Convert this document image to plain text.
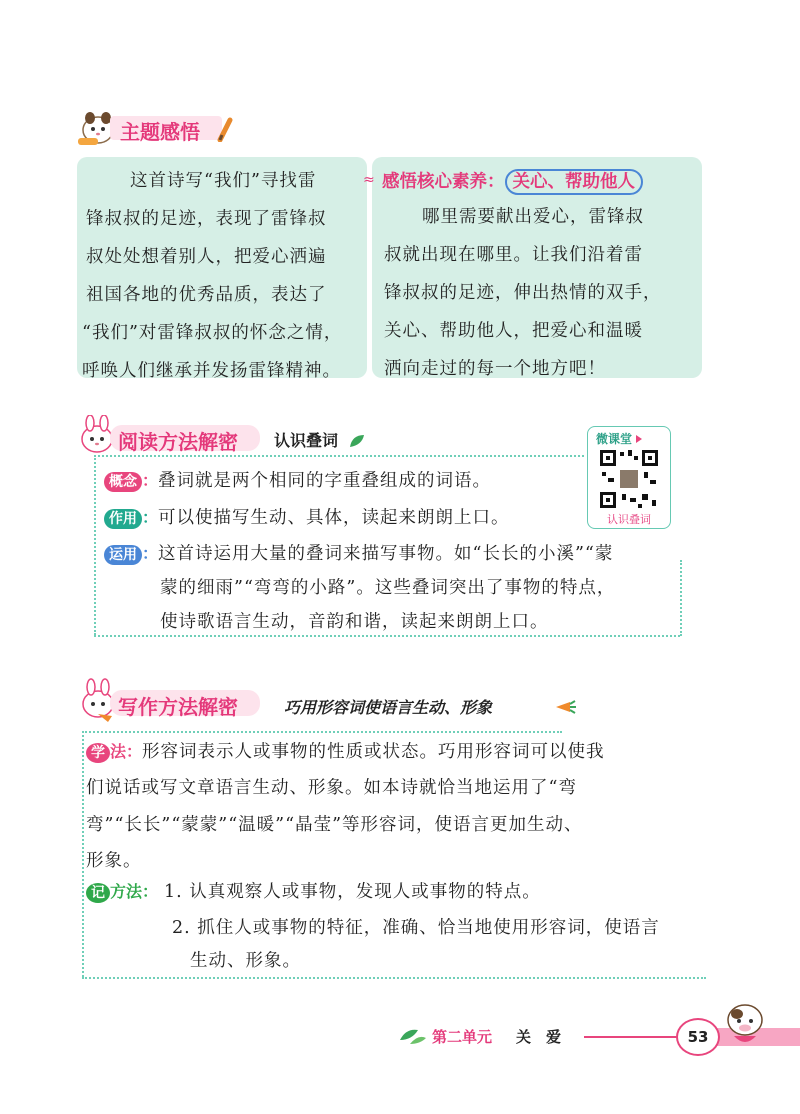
主题感悟
≈
这首诗写“我们”寻找雷
锋叔叔的足迹，表现了雷锋叔
叔处处想着别人，把爱心洒遍
祖国各地的优秀品质，表达了
“我们”对雷锋叔叔的怀念之情，
呼唤人们继承并发扬雷锋精神。
感悟核心素养： 关心、帮助他人
哪里需要献出爱心，雷锋叔
叔就出现在哪里。让我们沿着雷
锋叔叔的足迹，伸出热情的双手，
关心、帮助他人，把爱心和温暖
洒向走过的每一个地方吧！
阅读方法解密 认识叠词	微课堂
认识叠词
概念 ：叠词就是两个相同的字重叠组成的词语。
作用 ：可以使描写生动、具体，读起来朗朗上口。
运用 ：这首诗运用大量的叠词来描写事物。如“长长的小溪”“蒙
蒙的细雨”“弯弯的小路”。这些叠词突出了事物的特点，
使诗歌语言生动，音韵和谐，读起来朗朗上口。
写作方法解密	巧用形容词使语言生动、形象
学 法：形容词表示人或事物的性质或状态。巧用形容词可以使我
们说话或写文章语言生动、形象。如本诗就恰当地运用了“弯
弯”“长长”“蒙蒙”“温暖”“晶莹”等形容词，使语言更加生动、
形象。
记 方法： 1. 认真观察人或事物，发现人或事物的特点。
2. 抓住人或事物的特征，准确、恰当地使用形容词，使语言
生动、形象。
第二单元 关　爱	53
